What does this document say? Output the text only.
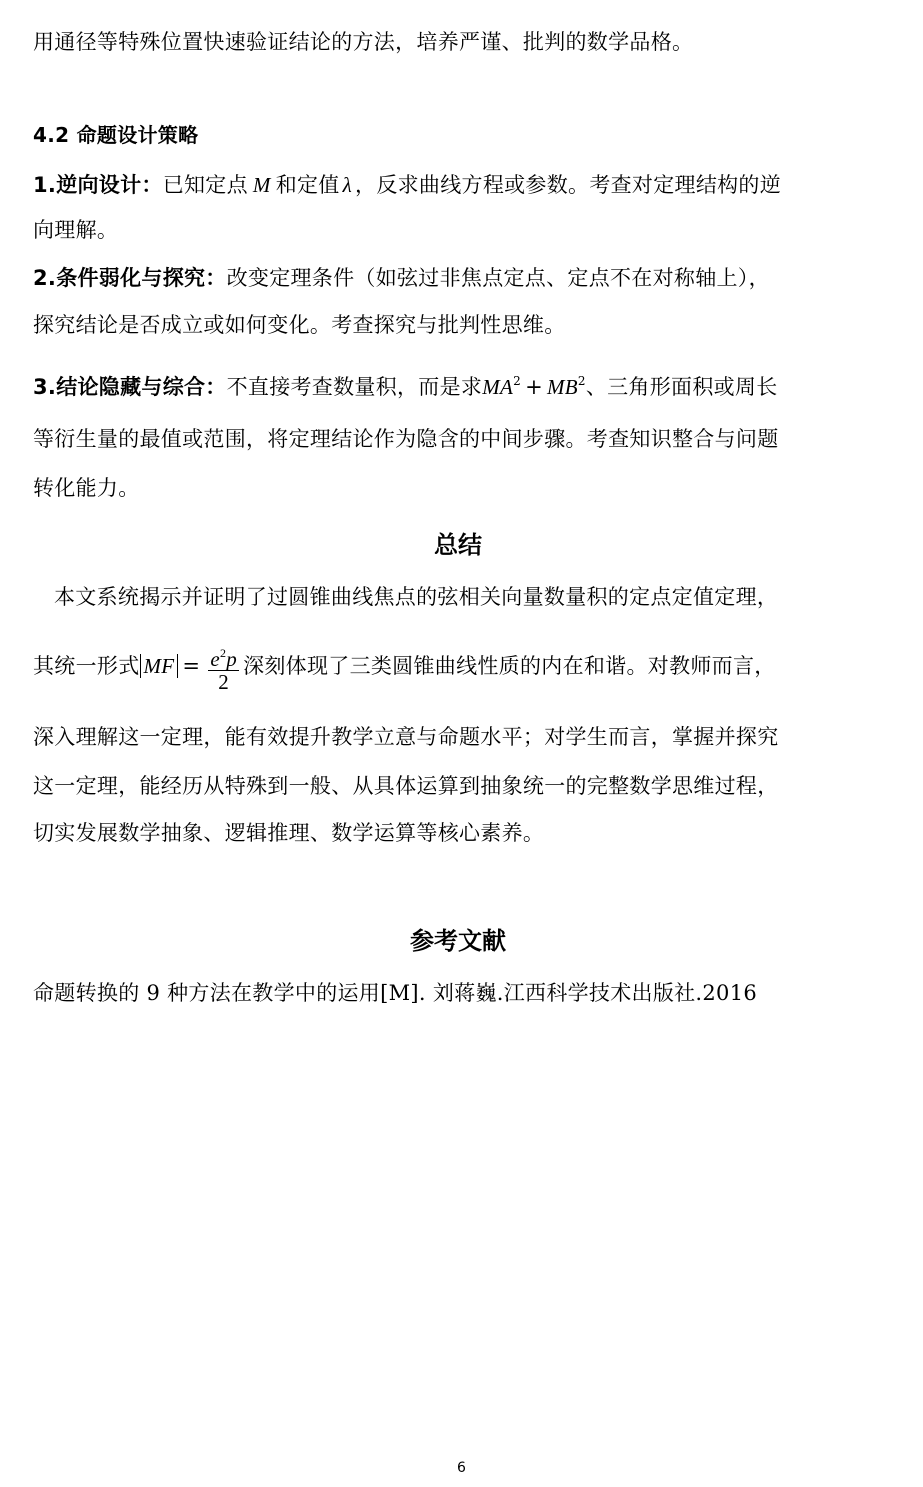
用通径等特殊位置快速验证结论的方法，培养严谨、批判的数学品格。
4.2 命题设计策略
1.逆向设计：已知定点 M 和定值 λ ，反求曲线方程或参数。考查对定理结构的逆
向理解。
2.条件弱化与探究：改变定理条件（如弦过非焦点定点、定点不在对称轴上），
探究结论是否成立或如何变化。考查探究与批判性思维。
3.结论隐藏与综合：不直接考查数量积，而是求$MA^2 + MB^2$、三角形面积或周长
等衍生量的最值或范围，将定理结论作为隐含的中间步骤。考查知识整合与问题
转化能力。
总结
本文系统揭示并证明了过圆锥曲线焦点的弦相关向量数量积的定点定值定理，
其统一形式 MF = $\frac{e^2p}{2}$ 深刻体现了三类圆锥曲线性质的内在和谐。对教师而言，
深入理解这一定理，能有效提升教学立意与命题水平；对学生而言，掌握并探究
这一定理，能经历从特殊到一般、从具体运算到抽象统一的完整数学思维过程，
切实发展数学抽象、逻辑推理、数学运算等核心素养。
参考文献
命题转换的 9 种方法在教学中的运用[M]. 刘蒋巍.江西科学技术出版社.2016
6
